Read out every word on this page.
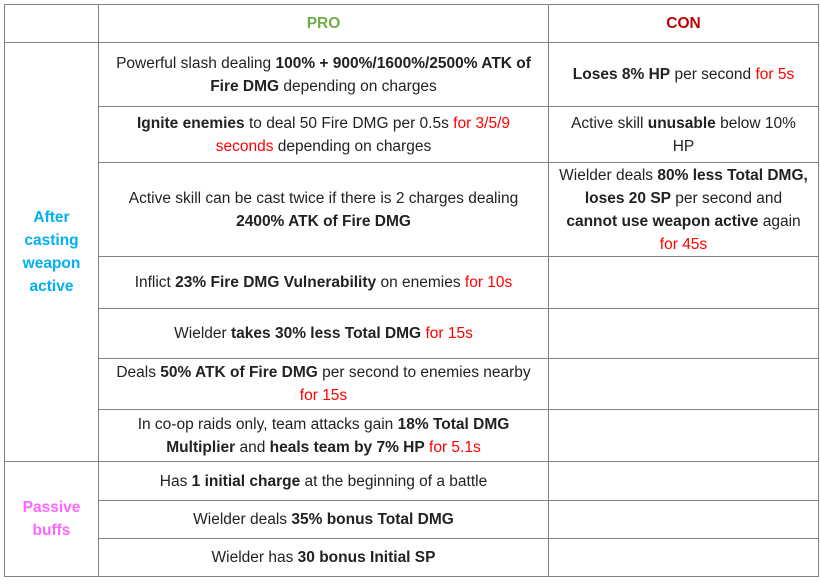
	PRO	CON
After casting weapon active	Powerful slash dealing 100% + 900%/1600%/2500% ATK of Fire DMG depending on charges	Loses 8% HP per second for 5s
	Ignite enemies to deal 50 Fire DMG per 0.5s for 3/5/9 seconds depending on charges	Active skill unusable below 10% HP
	Active skill can be cast twice if there is 2 charges dealing 2400% ATK of Fire DMG	Wielder deals 80% less Total DMG, loses 20 SP per second and cannot use weapon active again for 45s
	Inflict 23% Fire DMG Vulnerability on enemies for 10s	
	Wielder takes 30% less Total DMG for 15s	
	Deals 50% ATK of Fire DMG per second to enemies nearby for 15s	
	In co-op raids only, team attacks gain 18% Total DMG Multiplier and heals team by 7% HP for 5.1s	
Passive buffs	Has 1 initial charge at the beginning of a battle	
	Wielder deals 35% bonus Total DMG	
	Wielder has 30 bonus Initial SP	
